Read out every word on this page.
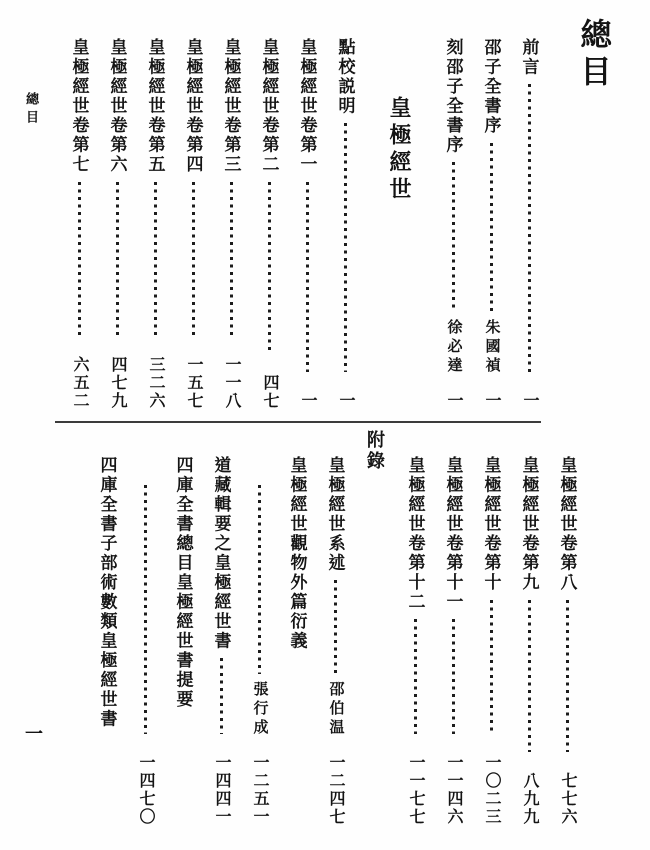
總目
一
總目
前言
一
邵子全書序
朱國禎
一
刻邵子全書序
徐必達
一
皇極經世
點校説明
一
皇極經世卷第一
一
皇極經世卷第二
四七
皇極經世卷第三
一一八
皇極經世卷第四
一五七
皇極經世卷第五
三二六
皇極經世卷第六
四七九
皇極經世卷第七
六五二
皇極經世卷第八
七七六
皇極經世卷第九
八九九
皇極經世卷第十
一〇二三
皇極經世卷第十一
一一四六
皇極經世卷第十二
一一七七
附錄
皇極經世系述
邵伯温
一二四七
皇極經世觀物外篇衍義
張行成
一二五一
道藏輯要之皇極經世書
一四四一
四庫全書總目皇極經世書提要
一四七〇
四庫全書子部術數類皇極經世書
